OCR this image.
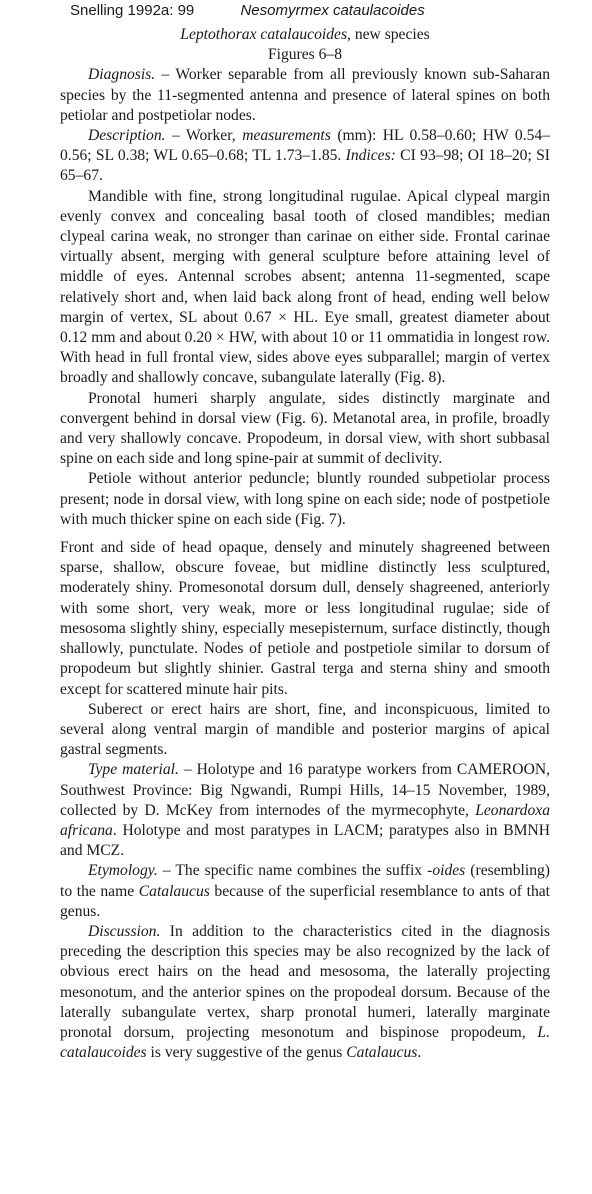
Snelling 1992a: 99	Nesomyrmex cataulacoides
Leptothorax catalaucoides, new species
Figures 6–8

Diagnosis. – Worker separable from all previously known sub-Saharan species by the 11-segmented antenna and presence of lateral spines on both petiolar and postpetiolar nodes.

Description. – Worker, measurements (mm): HL 0.58–0.60; HW 0.54–0.56; SL 0.38; WL 0.65–0.68; TL 1.73–1.85. Indices: CI 93–98; OI 18–20; SI 65–67.

Mandible with fine, strong longitudinal rugulae. Apical clypeal margin evenly convex and concealing basal tooth of closed mandibles; median clypeal carina weak, no stronger than carinae on either side. Frontal carinae virtually absent, merging with general sculpture before attaining level of middle of eyes. Antennal scrobes absent; antenna 11-segmented, scape relatively short and, when laid back along front of head, ending well below margin of vertex, SL about 0.67 × HL. Eye small, greatest diameter about 0.12 mm and about 0.20 × HW, with about 10 or 11 ommatidia in longest row. With head in full frontal view, sides above eyes subparallel; margin of vertex broadly and shallowly concave, subangulate laterally (Fig. 8).

Pronotal humeri sharply angulate, sides distinctly marginate and convergent behind in dorsal view (Fig. 6). Metanotal area, in profile, broadly and very shallowly concave. Propodeum, in dorsal view, with short subbasal spine on each side and long spine-pair at summit of declivity.

Petiole without anterior peduncle; bluntly rounded subpetiolar process present; node in dorsal view, with long spine on each side; node of postpetiole with much thicker spine on each side (Fig. 7).

Front and side of head opaque, densely and minutely shagreened between sparse, shallow, obscure foveae, but midline distinctly less sculptured, moderately shiny. Promesonotal dorsum dull, densely shagreened, anteriorly with some short, very weak, more or less longitudinal rugulae; side of mesosoma slightly shiny, especially mesepisternum, surface distinctly, though shallowly, punctulate. Nodes of petiole and postpetiole similar to dorsum of propodeum but slightly shinier. Gastral terga and sterna shiny and smooth except for scattered minute hair pits.

Suberect or erect hairs are short, fine, and inconspicuous, limited to several along ventral margin of mandible and posterior margins of apical gastral segments.

Type material. – Holotype and 16 paratype workers from CAMEROON, Southwest Province: Big Ngwandi, Rumpi Hills, 14–15 November, 1989, collected by D. McKey from internodes of the myrmecophyte, Leonardoxa africana. Holotype and most paratypes in LACM; paratypes also in BMNH and MCZ.

Etymology. – The specific name combines the suffix -oides (resembling) to the name Catalaucus because of the superficial resemblance to ants of that genus.

Discussion. In addition to the characteristics cited in the diagnosis preceding the description this species may be also recognized by the lack of obvious erect hairs on the head and mesosoma, the laterally projecting mesonotum, and the anterior spines on the propodeal dorsum. Because of the laterally subangulate vertex, sharp pronotal humeri, laterally marginate pronotal dorsum, projecting mesonotum and bispinose propodeum, L. catalaucoides is very suggestive of the genus Catalaucus.
